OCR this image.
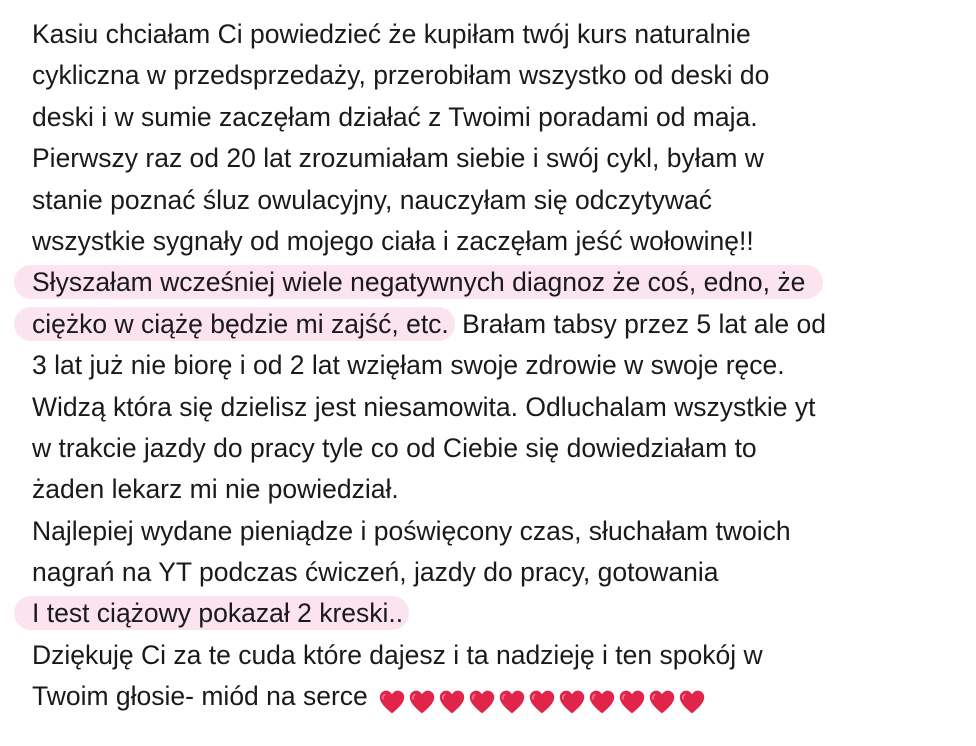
Kasiu chciałam Ci powiedzieć że kupiłam twój kurs naturalnie
cykliczna w przedsprzedaży, przerobiłam wszystko od deski do
deski i w sumie zaczęłam działać z Twoimi poradami od maja.
Pierwszy raz od 20 lat zrozumiałam siebie i swój cykl, byłam w
stanie poznać śluz owulacyjny, nauczyłam się odczytywać
wszystkie sygnały od mojego ciała i zaczęłam jeść wołowinę!!
Słyszałam wcześniej wiele negatywnych diagnoz że coś, edno, że
ciężko w ciążę będzie mi zajść, etc. Brałam tabsy przez 5 lat ale od
3 lat już nie biorę i od 2 lat wzięłam swoje zdrowie w swoje ręce.
Widzą która się dzielisz jest niesamowita. Odluchalam wszystkie yt
w trakcie jazdy do pracy tyle co od Ciebie się dowiedziałam to
żaden lekarz mi nie powiedział.
Najlepiej wydane pieniądze i poświęcony czas, słuchałam twoich
nagrań na YT podczas ćwiczeń, jazdy do pracy, gotowania
I test ciążowy pokazał 2 kreski..
Dziękuję Ci za te cuda które dajesz i ta nadzieję i ten spokój w
Twoim głosie- miód na serce
